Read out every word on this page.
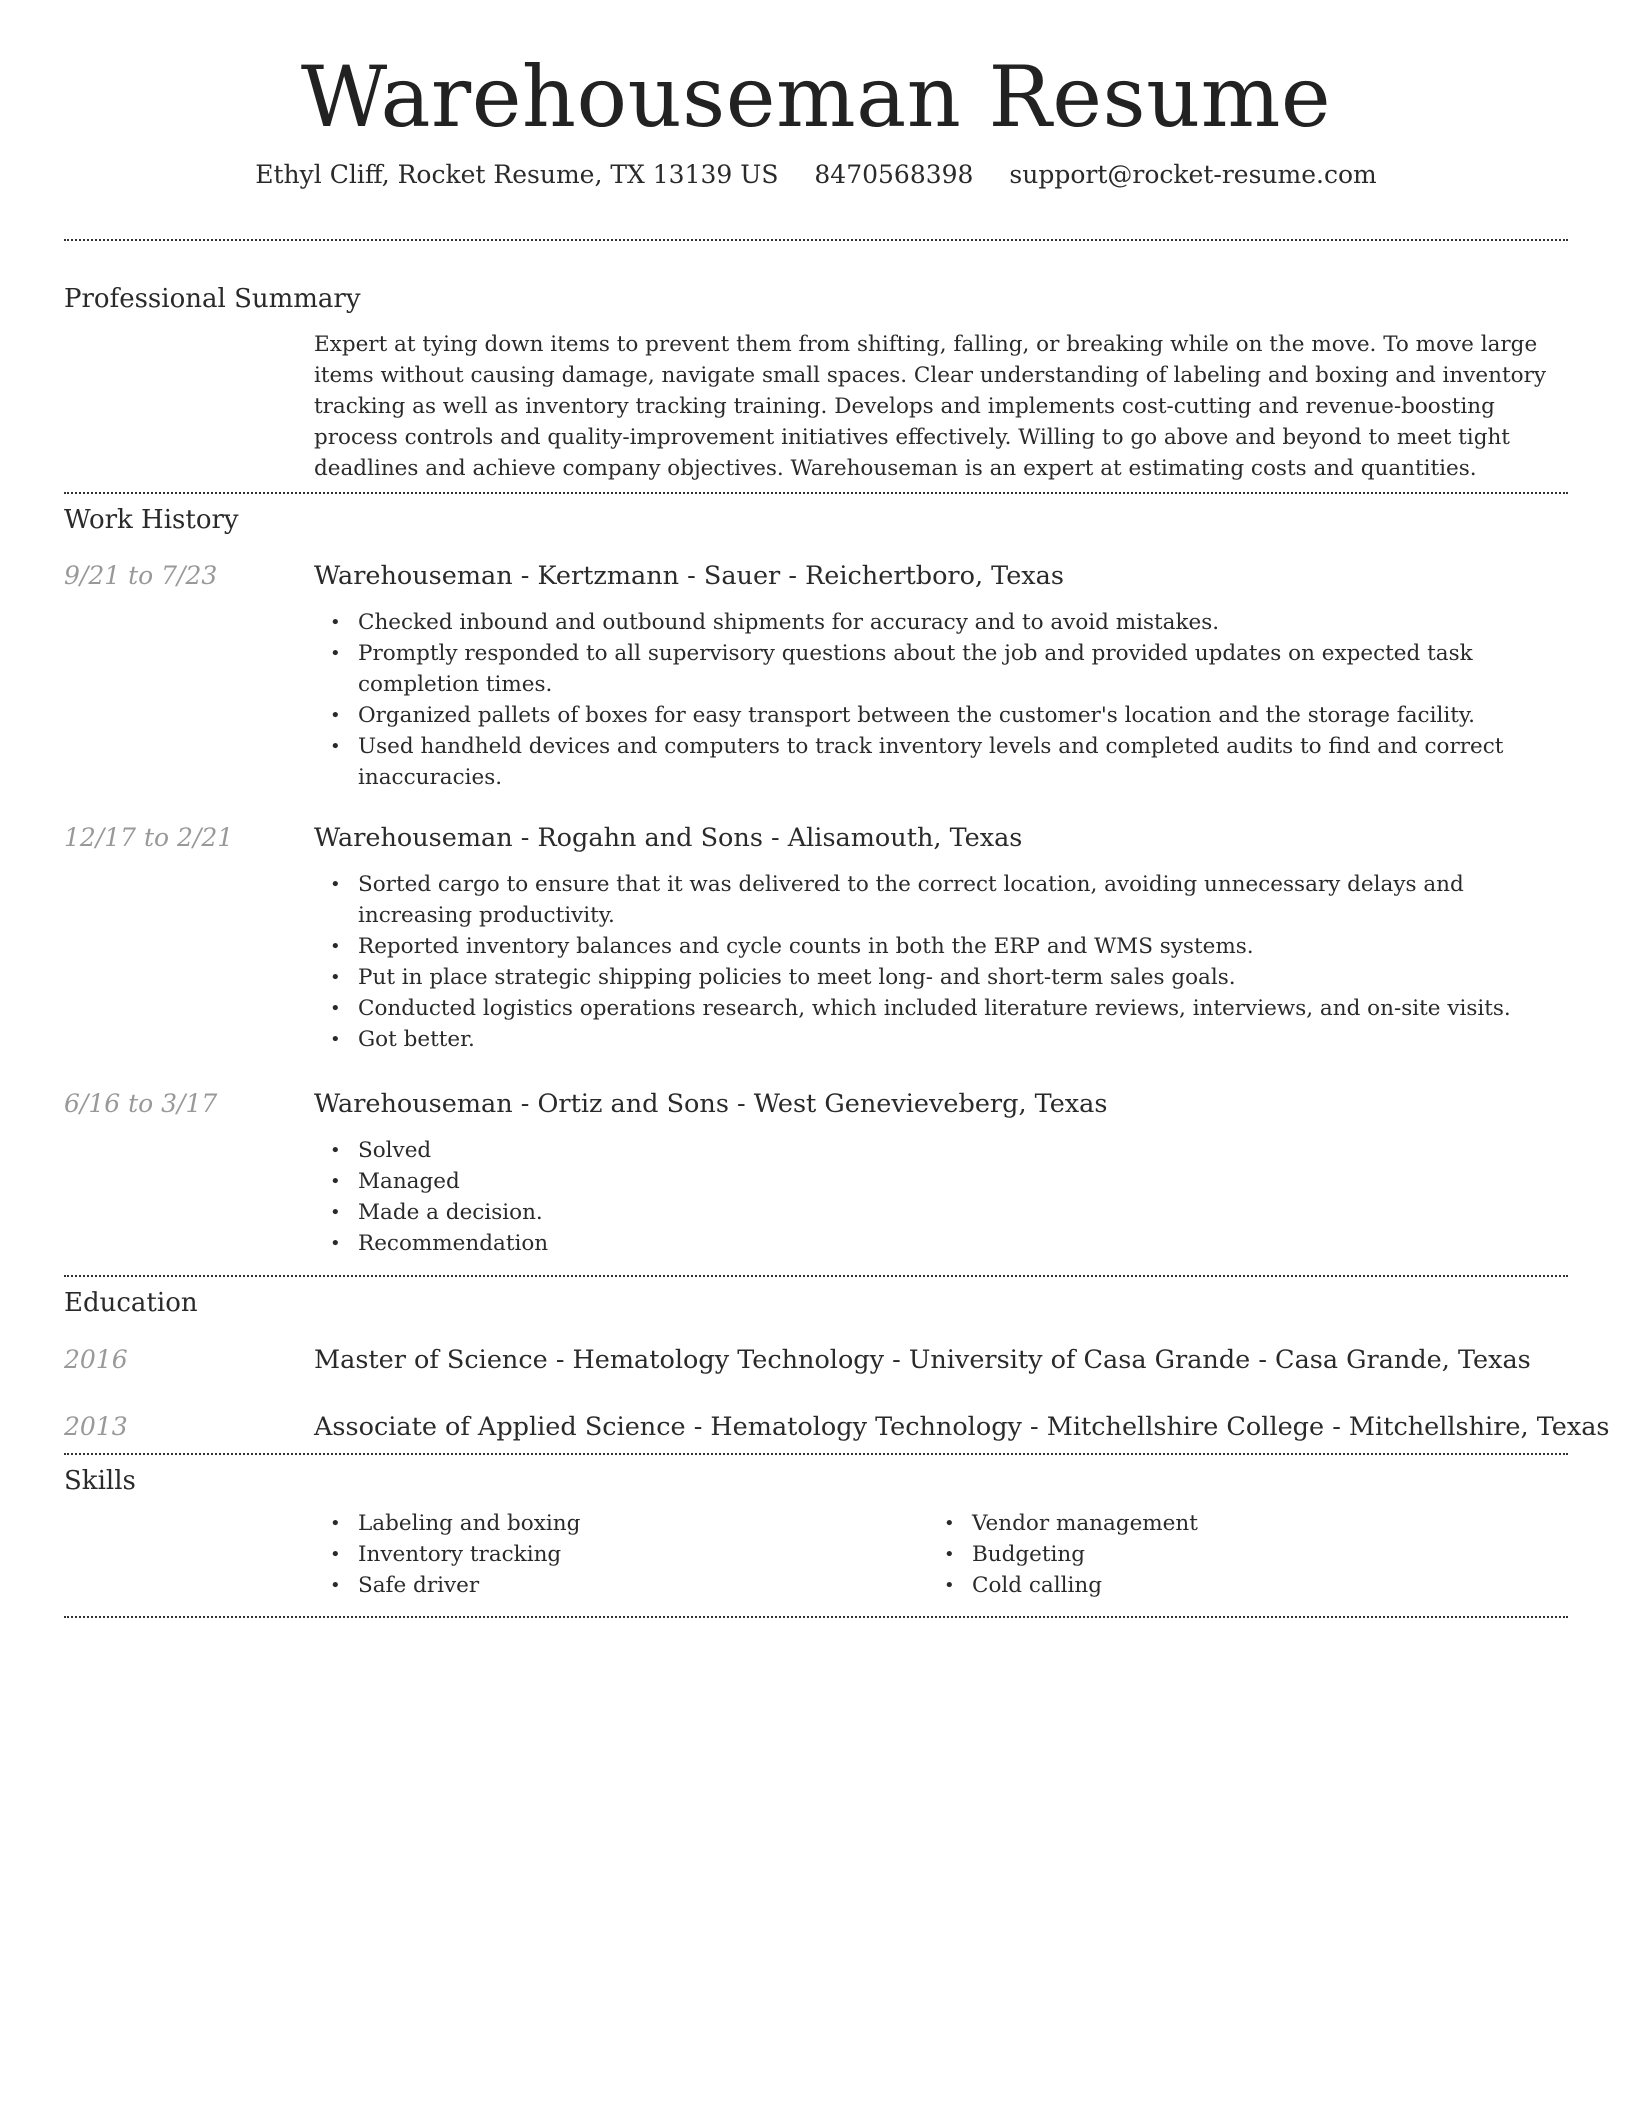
Warehouseman Resume
Ethyl Cliff, Rocket Resume, TX 13139 US 8470568398 support@rocket-resume.com
Professional Summary
Expert at tying down items to prevent them from shifting, falling, or breaking while on the move. To move large items without causing damage, navigate small spaces. Clear understanding of labeling and boxing and inventory tracking as well as inventory tracking training. Develops and implements cost-cutting and revenue-boosting process controls and quality-improvement initiatives effectively. Willing to go above and beyond to meet tight deadlines and achieve company objectives. Warehouseman is an expert at estimating costs and quantities.
Work History
9/21 to 7/23	Warehouseman - Kertzmann - Sauer - Reichertboro, Texas
• Checked inbound and outbound shipments for accuracy and to avoid mistakes.
• Promptly responded to all supervisory questions about the job and provided updates on expected task completion times.
• Organized pallets of boxes for easy transport between the customer's location and the storage facility.
• Used handheld devices and computers to track inventory levels and completed audits to find and correct inaccuracies.
12/17 to 2/21	Warehouseman - Rogahn and Sons - Alisamouth, Texas
• Sorted cargo to ensure that it was delivered to the correct location, avoiding unnecessary delays and increasing productivity.
• Reported inventory balances and cycle counts in both the ERP and WMS systems.
• Put in place strategic shipping policies to meet long- and short-term sales goals.
• Conducted logistics operations research, which included literature reviews, interviews, and on-site visits.
• Got better.
6/16 to 3/17	Warehouseman - Ortiz and Sons - West Genevieveberg, Texas
• Solved
• Managed
• Made a decision.
• Recommendation
Education
2016	Master of Science - Hematology Technology - University of Casa Grande - Casa Grande, Texas
2013	Associate of Applied Science - Hematology Technology - Mitchellshire College - Mitchellshire, Texas
Skills
• Labeling and boxing
• Inventory tracking
• Safe driver
• Vendor management
• Budgeting
• Cold calling
